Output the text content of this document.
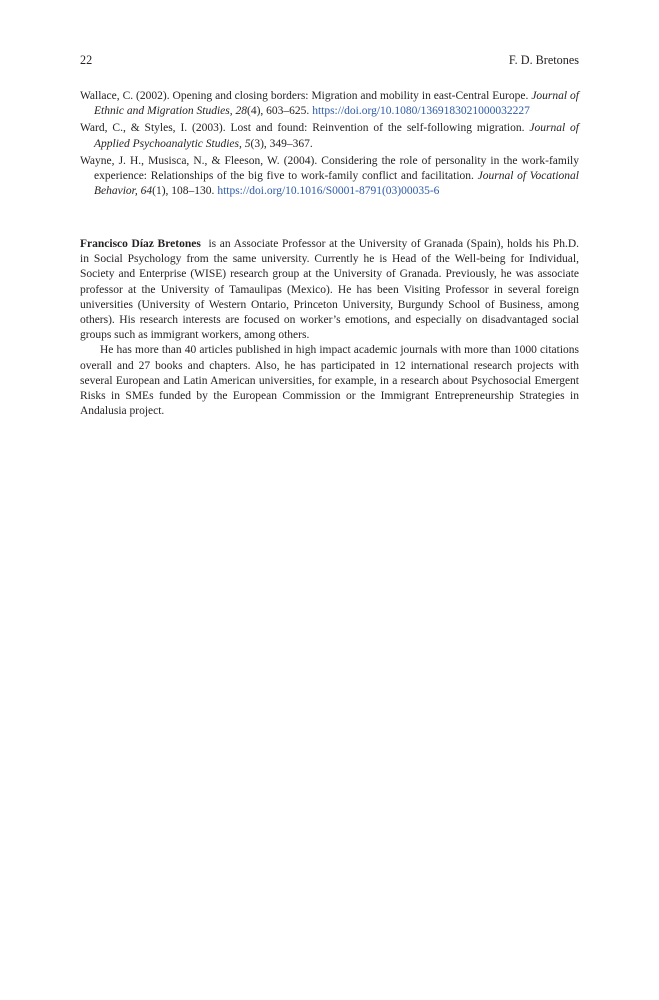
22	F. D. Bretones

Wallace, C. (2002). Opening and closing borders: Migration and mobility in east-Central Europe. Journal of Ethnic and Migration Studies, 28(4), 603–625. https://doi.org/10.1080/1369183021000032227

Ward, C., & Styles, I. (2003). Lost and found: Reinvention of the self-following migration. Journal of Applied Psychoanalytic Studies, 5(3), 349–367.

Wayne, J. H., Musisca, N., & Fleeson, W. (2004). Considering the role of personality in the work-family experience: Relationships of the big five to work-family conflict and facilitation. Journal of Vocational Behavior, 64(1), 108–130. https://doi.org/10.1016/S0001-8791(03)00035-6

Francisco Díaz Bretones is an Associate Professor at the University of Granada (Spain), holds his Ph.D. in Social Psychology from the same university. Currently he is Head of the Well-being for Individual, Society and Enterprise (WISE) research group at the University of Granada. Previously, he was associate professor at the University of Tamaulipas (Mexico). He has been Visiting Professor in several foreign universities (University of Western Ontario, Princeton University, Burgundy School of Business, among others). His research interests are focused on worker’s emotions, and especially on disadvantaged social groups such as immigrant workers, among others.

He has more than 40 articles published in high impact academic journals with more than 1000 citations overall and 27 books and chapters. Also, he has participated in 12 international research projects with several European and Latin American universities, for example, in a research about Psychosocial Emergent Risks in SMEs funded by the European Commission or the Immigrant Entrepreneurship Strategies in Andalusia project.
